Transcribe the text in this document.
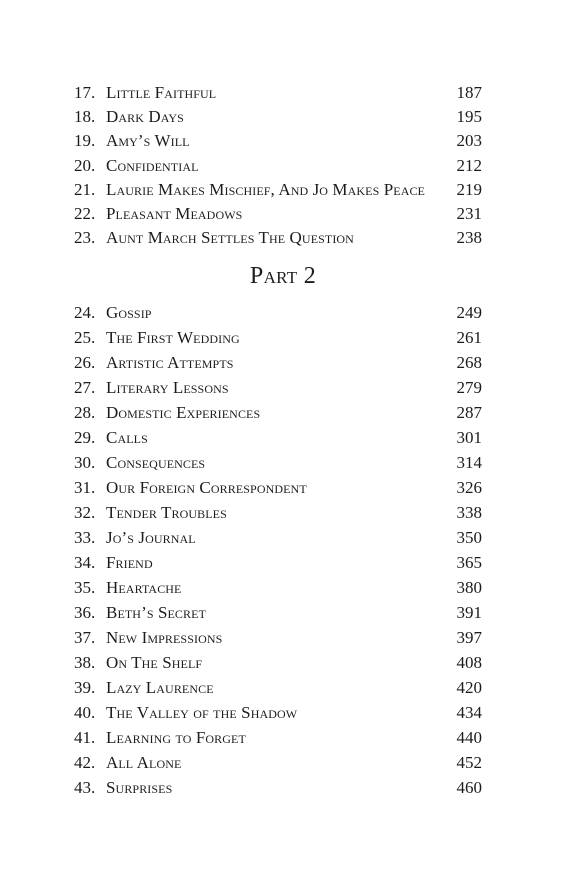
17. Little Faithful	187
18. Dark Days	195
19. Amy’s Will	203
20. Confidential	212
21. Laurie Makes Mischief, And Jo Makes Peace	219
22. Pleasant Meadows	231
23. Aunt March Settles The Question	238
Part 2
24. Gossip	249
25. The First Wedding	261
26. Artistic Attempts	268
27. Literary Lessons	279
28. Domestic Experiences	287
29. Calls	301
30. Consequences	314
31. Our Foreign Correspondent	326
32. Tender Troubles	338
33. Jo’s Journal	350
34. Friend	365
35. Heartache	380
36. Beth’s Secret	391
37. New Impressions	397
38. On The Shelf	408
39. Lazy Laurence	420
40. The Valley of the Shadow	434
41. Learning to Forget	440
42. All Alone	452
43. Surprises	460
